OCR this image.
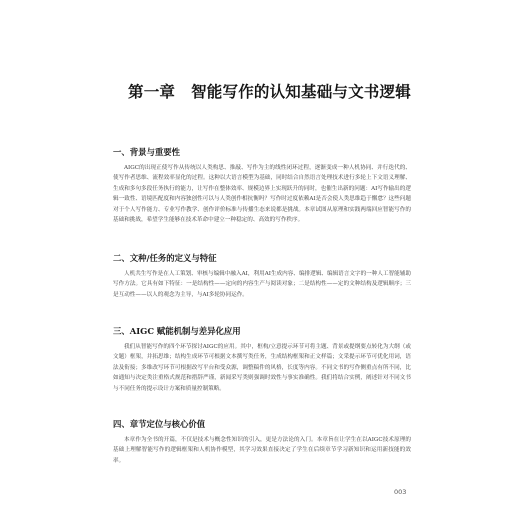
第一章 智能写作的认知基础与文书逻辑
一、背景与重要性
AIGC的出现正使写作从传统以人类构思、推敲、写作为主的线性闭环过程，逐渐变成一种人机协同、并行迭代的、使写作者思维、流程效率显化的过程。这种以大语言模型为基础，同时结合自然语言处理技术进行多轮上下文语义理解、生成和多句多段任务执行的能力，让写作在整体效率、规模边界上实现跃升的同时，也催生出新的问题：AI写作输出的逻辑一致性、语境匹配度和内容独创性可以与人类创作相抗衡吗？写作时过度依赖AI是否会使人类思维趋于懈怠？这些问题对于个人写作能力、专业写作教学、创作评价标准与传播生态来说都是挑战。本章试图从原理和实践两端回应智能写作的基础和挑战，希望学生能够在技术革命中建立一种稳定的、高效的写作秩序。
二、文种/任务的定义与特征
人机共生写作是在人工策划、审核与编辑中融入AI，利用AI生成内容、编排逻辑、编辑语言文字的一种人工智能辅助写作方法。它具有如下特征：一是结构性——定向的内容生产与阅读对象；二是结构性——定的文种结构及逻辑顺序；三是互动性——以人的观念为主导，与AI多轮协同运作。
三、AIGC 赋能机制与差异化应用
我们从智能写作的四个环节探讨AIGC的应用。其中，框构/立意提示环节可将主题、背景或提纲要点转化为大纲（或文题）框架，并拓思维；结构生成环节可根据文本撰写类任务，生成结构框架和正文样篇；文采提示环节可优化用词，语法及衔接；多维改写环节可根据改写平台和受众源，调整稿件的风格，长度等内容。不同文书的写作侧重点有所不同，比如通知与决定类注重格式规范和措辞严谨，新闻采写类则强调时效性与事实准确性。我们将结合实例，阐述针对不同文书与不同任务的提示设计方案和质量控制策略。
四、章节定位与核心价值
本章作为全书的开篇，不仅是技术与概念性知识的引入，更是方法论的入门。本章旨在让学生在以AIGC技术原理的基础上理解智能写作的逻辑框架和人机协作模型，其学习效果直接决定了学生在后续章节学习新知识和运用新技能的效率。
003
